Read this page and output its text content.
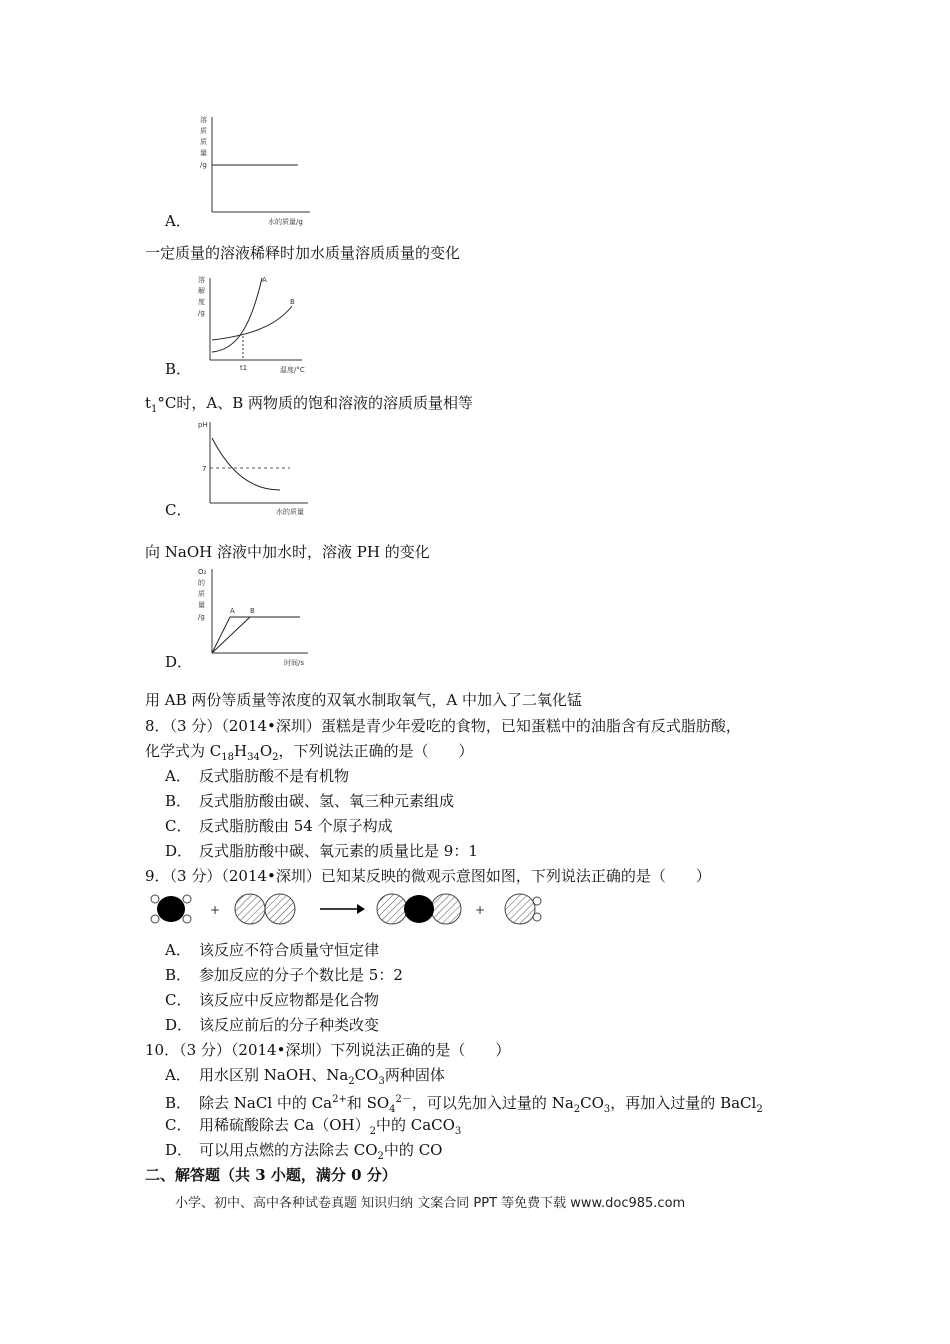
溶
质
质
量
/g
水的质量/g
A．
一定质量的溶液稀释时加水质量溶质质量的变化
溶
解
度
/g
A
B
t1	温度/°C
B．
$t_1^\circ C$时，A、B 两物质的饱和溶液的溶质质量相等
pH
7
水的质量
C．
向 NaOH 溶液中加水时，溶液 PH 的变化
O₂
的
质
量
/g
A B
时间/s
D．
用 AB 两份等质量等浓度的双氧水制取氧气，A 中加入了二氧化锰
8．（3 分）（2014•深圳）蛋糕是青少年爱吃的食物，已知蛋糕中的油脂含有反式脂肪酸，
化学式为 $C_{18}H_{34}O_2$，下列说法正确的是（　　）
A． 反式脂肪酸不是有机物
B． 反式脂肪酸由碳、氢、氧三种元素组成
C． 反式脂肪酸由 54 个原子构成
D． 反式脂肪酸中碳、氧元素的质量比是 9：1
9．（3 分）（2014•深圳）已知某反映的微观示意图如图，下列说法正确的是（　　）
+	+
A． 该反应不符合质量守恒定律
B． 参加反应的分子个数比是 5：2
C． 该反应中反应物都是化合物
D． 该反应前后的分子种类改变
10．（3 分）（2014•深圳）下列说法正确的是（　　）
A． 用水区别 NaOH、$Na_2CO_3$两种固体
B． 除去 NaCl 中的 $Ca^{2+}$和 $SO_4^{2-}$，可以先加入过量的 $Na_2CO_3$，再加入过量的 BaCl$_2$
C． 用稀硫酸除去 $Ca(OH)_2$中的 CaCO$_3$
D． 可以用点燃的方法除去 $CO_2$中的 CO
二、解答题（共 3 小题，满分 0 分）
小学、初中、高中各种试卷真题 知识归纳 文案合同 PPT 等免费下载 www.doc985.com
